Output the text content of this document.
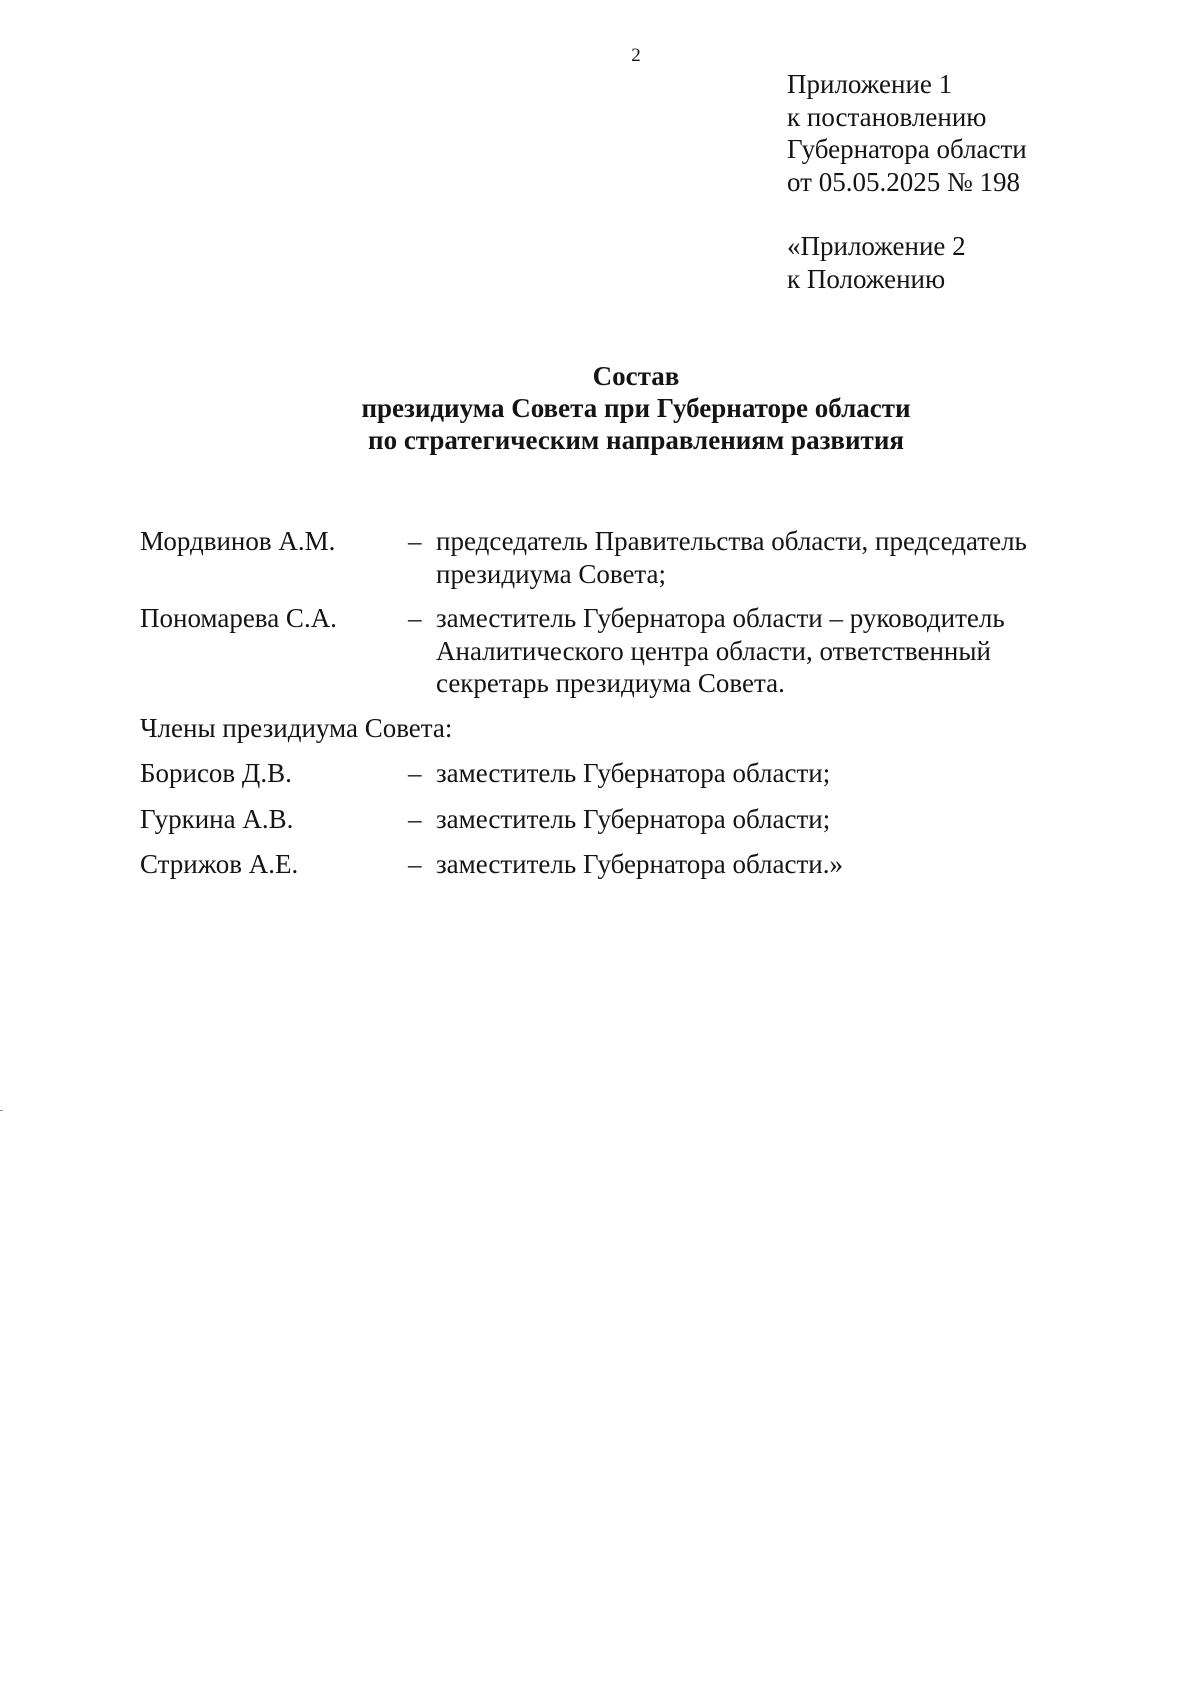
2
Приложение 1
к постановлению
Губернатора области
от 05.05.2025 № 198
«Приложение 2
к Положению
Состав
президиума Совета при Губернаторе области
по стратегическим направлениям развития
Мордвинов А.М.	– председатель Правительства области, председатель президиума Совета;
Пономарева С.А.	– заместитель Губернатора области – руководитель Аналитического центра области, ответственный секретарь президиума Совета.
Члены президиума Совета:
Борисов Д.В.	– заместитель Губернатора области;
Гуркина А.В.	– заместитель Губернатора области;
Стрижов А.Е.	– заместитель Губернатора области.»
